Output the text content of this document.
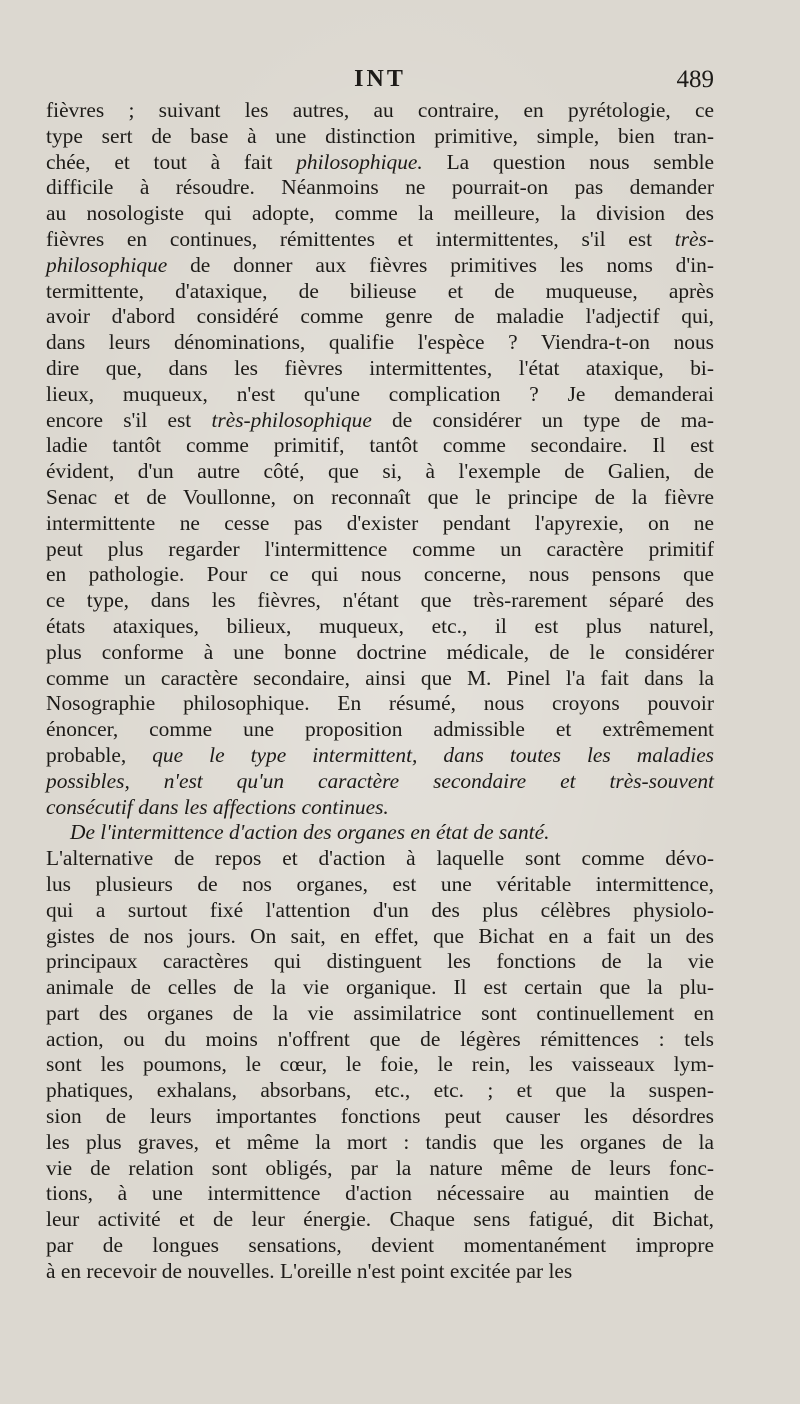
INT	489
fièvres ; suivant les autres, au contraire, en pyrétologie, ce
type sert de base à une distinction primitive, simple, bien tran-
chée, et tout à fait philosophique. La question nous semble
difficile à résoudre. Néanmoins ne pourrait-on pas demander
au nosologiste qui adopte, comme la meilleure, la division des
fièvres en continues, rémittentes et intermittentes, s'il est très-
philosophique de donner aux fièvres primitives les noms d'in-
termittente, d'ataxique, de bilieuse et de muqueuse, après
avoir d'abord considéré comme genre de maladie l'adjectif qui,
dans leurs dénominations, qualifie l'espèce ? Viendra-t-on nous
dire que, dans les fièvres intermittentes, l'état ataxique, bi-
lieux, muqueux, n'est qu'une complication ? Je demanderai
encore s'il est très-philosophique de considérer un type de ma-
ladie tantôt comme primitif, tantôt comme secondaire. Il est
évident, d'un autre côté, que si, à l'exemple de Galien, de
Senac et de Voullonne, on reconnaît que le principe de la fièvre
intermittente ne cesse pas d'exister pendant l'apyrexie, on ne
peut plus regarder l'intermittence comme un caractère primitif
en pathologie. Pour ce qui nous concerne, nous pensons que
ce type, dans les fièvres, n'étant que très-rarement séparé des
états ataxiques, bilieux, muqueux, etc., il est plus naturel,
plus conforme à une bonne doctrine médicale, de le considérer
comme un caractère secondaire, ainsi que M. Pinel l'a fait dans la
Nosographie philosophique. En résumé, nous croyons pouvoir
énoncer, comme une proposition admissible et extrêmement
probable, que le type intermittent, dans toutes les maladies
possibles, n'est qu'un caractère secondaire et très-souvent
consécutif dans les affections continues.
De l'intermittence d'action des organes en état de santé.
L'alternative de repos et d'action à laquelle sont comme dévo-
lus plusieurs de nos organes, est une véritable intermittence,
qui a surtout fixé l'attention d'un des plus célèbres physiolo-
gistes de nos jours. On sait, en effet, que Bichat en a fait un des
principaux caractères qui distinguent les fonctions de la vie
animale de celles de la vie organique. Il est certain que la plu-
part des organes de la vie assimilatrice sont continuellement en
action, ou du moins n'offrent que de légères rémittences : tels
sont les poumons, le cœur, le foie, le rein, les vaisseaux lym-
phatiques, exhalans, absorbans, etc., etc. ; et que la suspen-
sion de leurs importantes fonctions peut causer les désordres
les plus graves, et même la mort : tandis que les organes de la
vie de relation sont obligés, par la nature même de leurs fonc-
tions, à une intermittence d'action nécessaire au maintien de
leur activité et de leur énergie. Chaque sens fatigué, dit Bichat,
par de longues sensations, devient momentanément impropre
à en recevoir de nouvelles. L'oreille n'est point excitée par les
